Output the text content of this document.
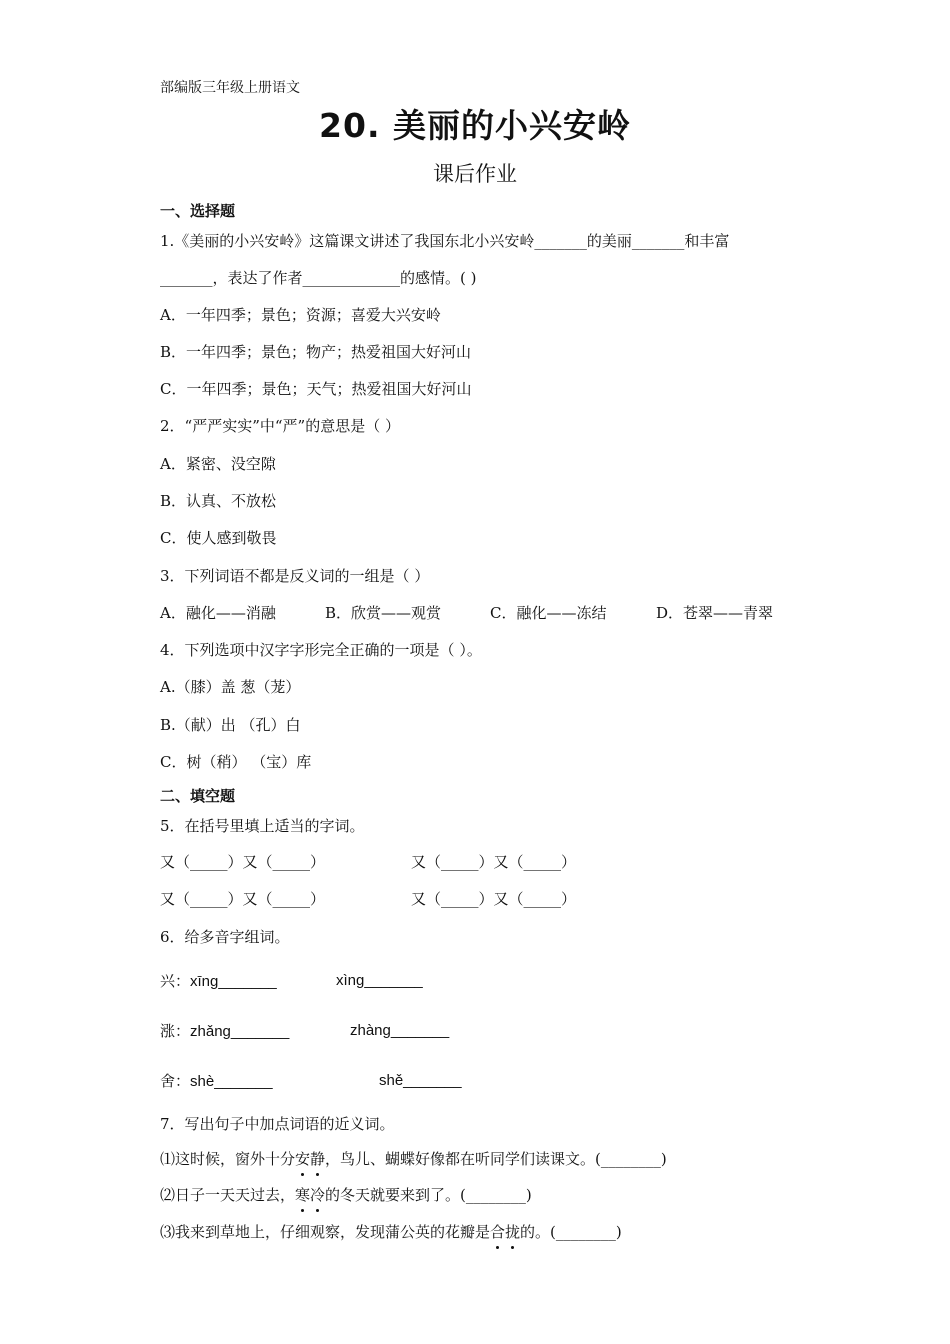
部编版三年级上册语文
20. 美丽的小兴安岭
课后作业
一、选择题
1.《美丽的小兴安岭》这篇课文讲述了我国东北小兴安岭_______的美丽_______和丰富
_______，表达了作者_____________的感情。( )
A．一年四季；景色；资源；喜爱大兴安岭
B．一年四季；景色；物产；热爱祖国大好河山
C．一年四季；景色；天气；热爱祖国大好河山
2．“严严实实”中“严”的意思是（ ）
A．紧密、没空隙
B．认真、不放松
C．使人感到敬畏
3．下列词语不都是反义词的一组是（ ）
A．融化——消融	B．欣赏——观赏	C．融化——冻结	D．苍翠——青翠
4．下列选项中汉字字形完全正确的一项是（ ）。
A.（膝）盖 葱（茏）
B.（献）出 （孔）白
C．树（稍） （宝）库
二、填空题
5．在括号里填上适当的字词。
又（_____）又（_____）	又（_____）又（_____）
又（_____）又（_____）	又（_____）又（_____）
6．给多音字组词。
兴：xīng_______	xìng_______
涨：zhǎng_______	zhàng_______
舍：shè_______	shě_______
7．写出句子中加点词语的近义词。
⑴这时候，窗外十分安静，鸟儿、蝴蝶好像都在听同学们读课文。(________)
⑵日子一天天过去，寒冷的冬天就要来到了。(________)
⑶我来到草地上，仔细观察，发现蒲公英的花瓣是合拢的。(________)
